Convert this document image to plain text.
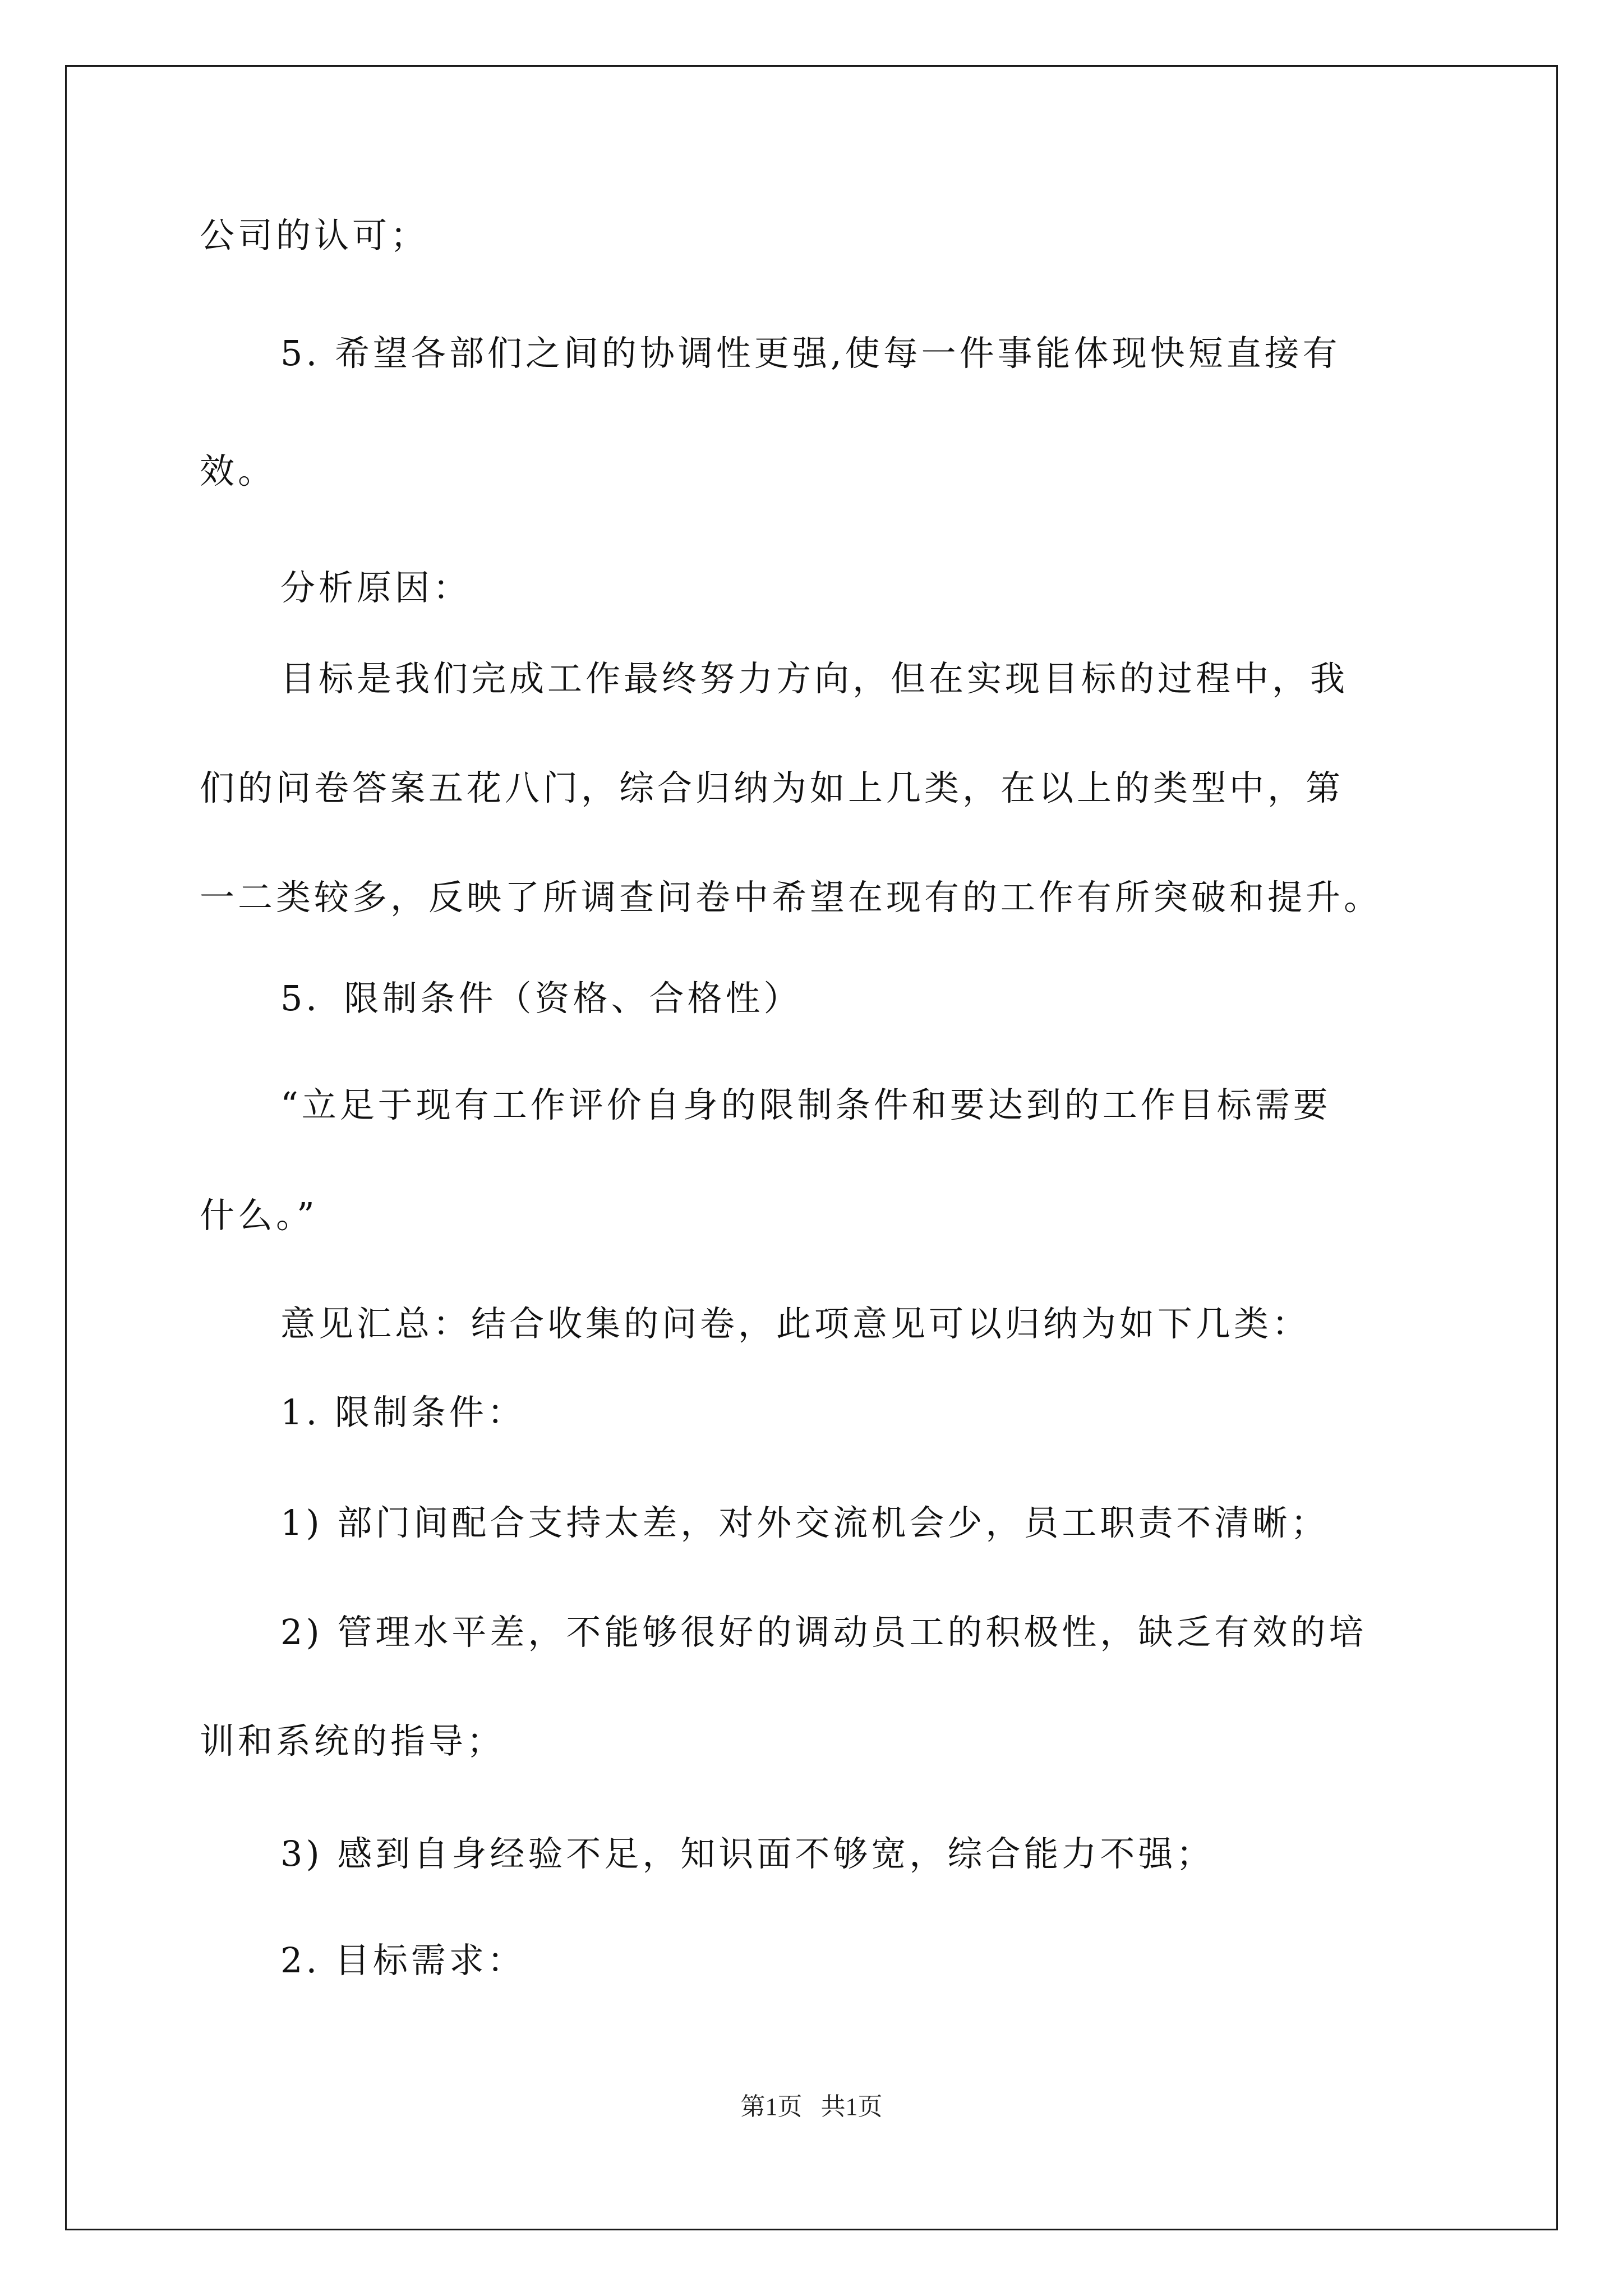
公司的认可；
5. 希望各部们之间的协调性更强,使每一件事能体现快短直接有
效。
分析原因：
目标是我们完成工作最终努力方向，但在实现目标的过程中，我
们的问卷答案五花八门，综合归纳为如上几类，在以上的类型中，第
一二类较多，反映了所调查问卷中希望在现有的工作有所突破和提升。
5．限制条件（资格、合格性）
“立足于现有工作评价自身的限制条件和要达到的工作目标需要
什么。”
意见汇总：结合收集的问卷，此项意见可以归纳为如下几类：
1. 限制条件：
1) 部门间配合支持太差，对外交流机会少，员工职责不清晰；
2) 管理水平差，不能够很好的调动员工的积极性，缺乏有效的培
训和系统的指导；
3) 感到自身经验不足，知识面不够宽，综合能力不强；
2. 目标需求：
第1页   共1页
